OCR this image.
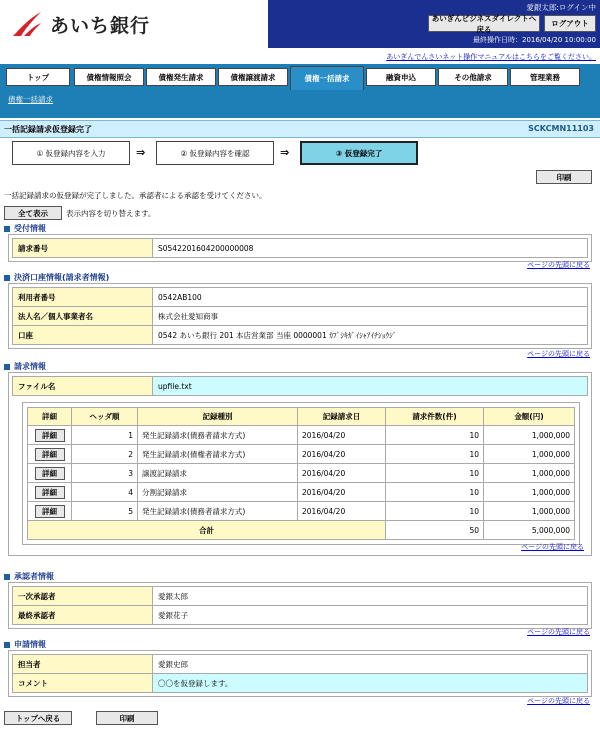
あいち銀行
愛銀太郎:ログイン中
あいぎんビジネスダイレクトへ戻る
ログアウト
最終操作日時：2016/04/20 10:00:00
あいぎんでんさいネット操作マニュアルはこちらをご覧ください。
トップ	債権情報照会	債権発生請求	債権譲渡請求	債権一括請求	融資申込	その他請求	管理業務
債権一括請求
一括記録請求仮登録完了	SCKCMN11103
① 仮登録内容を入力	⇒	② 仮登録内容を確認	⇒	③ 仮登録完了
印刷
一括記録請求の仮登録が完了しました。承認者による承認を受けてください。
全て表示	表示内容を切り替えます。
受付情報
請求番号	S0542201604200000008
ページの先頭に戻る
決済口座情報(請求者情報)
利用者番号	0542AB100
法人名／個人事業者名	株式会社愛知商事
口座	0542 あいち銀行 201 本店営業部 当座 0000001 ｶﾌﾞｼｷｶﾞｲｼｬｱｲﾁｼｮｳｼﾞ
ページの先頭に戻る
請求情報
ファイル名	upfile.txt
詳細	ヘッダ順	記録種別	記録請求日	請求件数(件)	金額(円)
詳細	1	発生記録請求(債務者請求方式)	2016/04/20	10	1,000,000
詳細	2	発生記録請求(債権者請求方式)	2016/04/20	10	1,000,000
詳細	3	譲渡記録請求	2016/04/20	10	1,000,000
詳細	4	分割記録請求	2016/04/20	10	1,000,000
詳細	5	発生記録請求(債務者請求方式)	2016/04/20	10	1,000,000
合計				50	5,000,000
ページの先頭に戻る
承認者情報
一次承認者	愛銀太郎
最終承認者	愛銀花子
ページの先頭に戻る
申請情報
担当者	愛銀史郎
コメント	〇〇を仮登録します。
ページの先頭に戻る
トップへ戻る	印刷
